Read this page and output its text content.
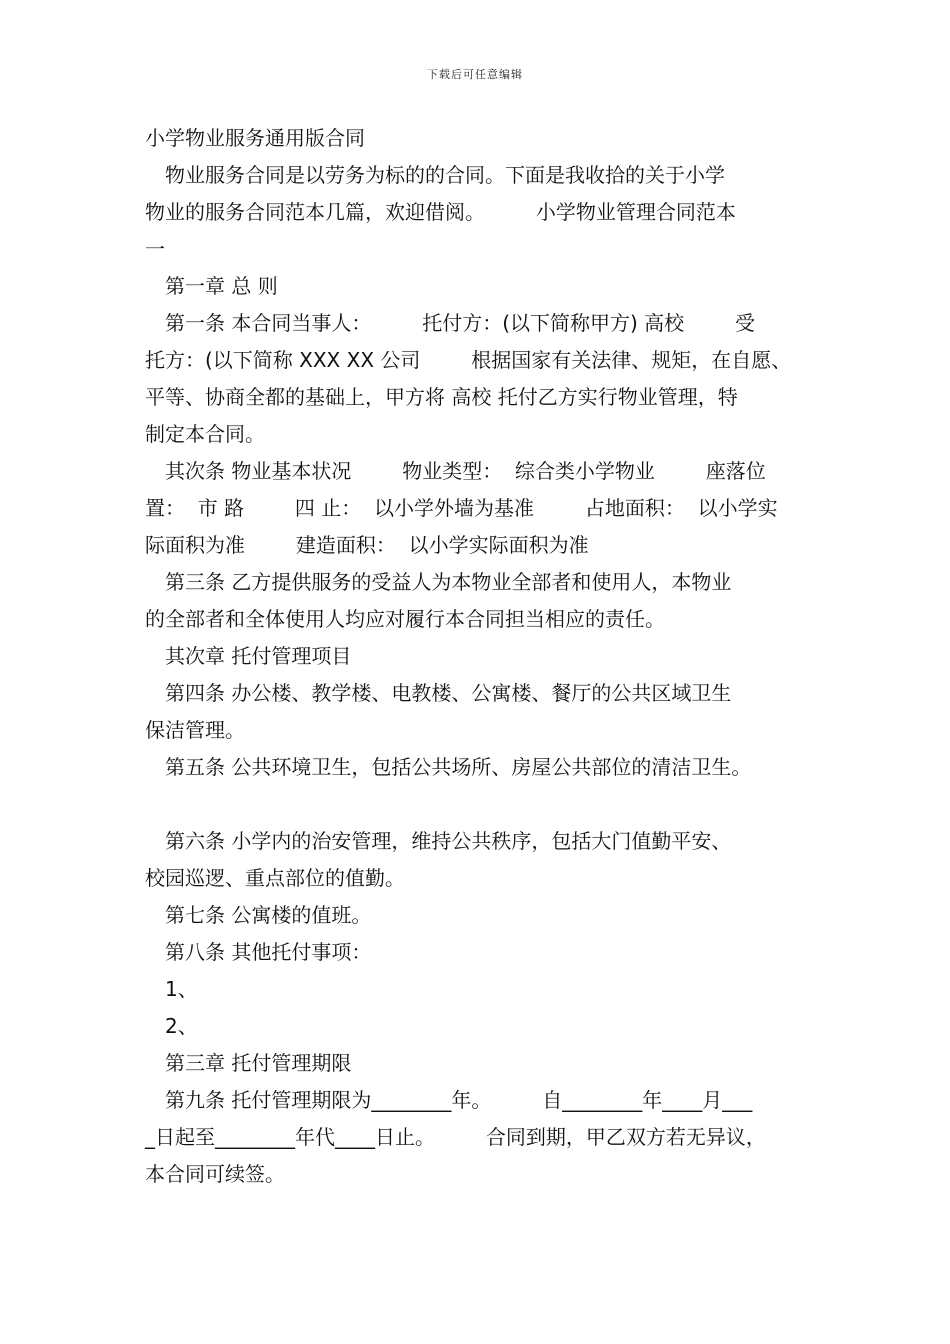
下载后可任意编辑
小学物业服务通用版合同
物业服务合同是以劳务为标的的合同。下面是我收拾的关于小学
物业的服务合同范本几篇，欢迎借阅。        小学物业管理合同范本
一
第一章 总 则
第一条 本合同当事人：        托付方：(以下简称甲方) 高校        受
托方：(以下简称 XXX XX 公司        根据国家有关法律、规矩，在自愿、
平等、协商全都的基础上，甲方将 高校 托付乙方实行物业管理，特
制定本合同。
其次条 物业基本状况        物业类型：  综合类小学物业        座落位
置：  市 路        四 止：  以小学外墙为基准        占地面积：  以小学实
际面积为准        建造面积：  以小学实际面积为准
第三条 乙方提供服务的受益人为本物业全部者和使用人，本物业
的全部者和全体使用人均应对履行本合同担当相应的责任。
其次章 托付管理项目
第四条 办公楼、教学楼、电教楼、公寓楼、餐厅的公共区域卫生
保洁管理。
第五条 公共环境卫生，包括公共场所、房屋公共部位的清洁卫生。
第六条 小学内的治安管理，维持公共秩序，包括大门值勤平安、
校园巡逻、重点部位的值勤。
第七条 公寓楼的值班。
第八条 其他托付事项：
1、
2、
第三章 托付管理期限
第九条 托付管理期限为________年。        自________年____月___
_日起至________年代____日止。        合同到期，甲乙双方若无异议，
本合同可续签。
